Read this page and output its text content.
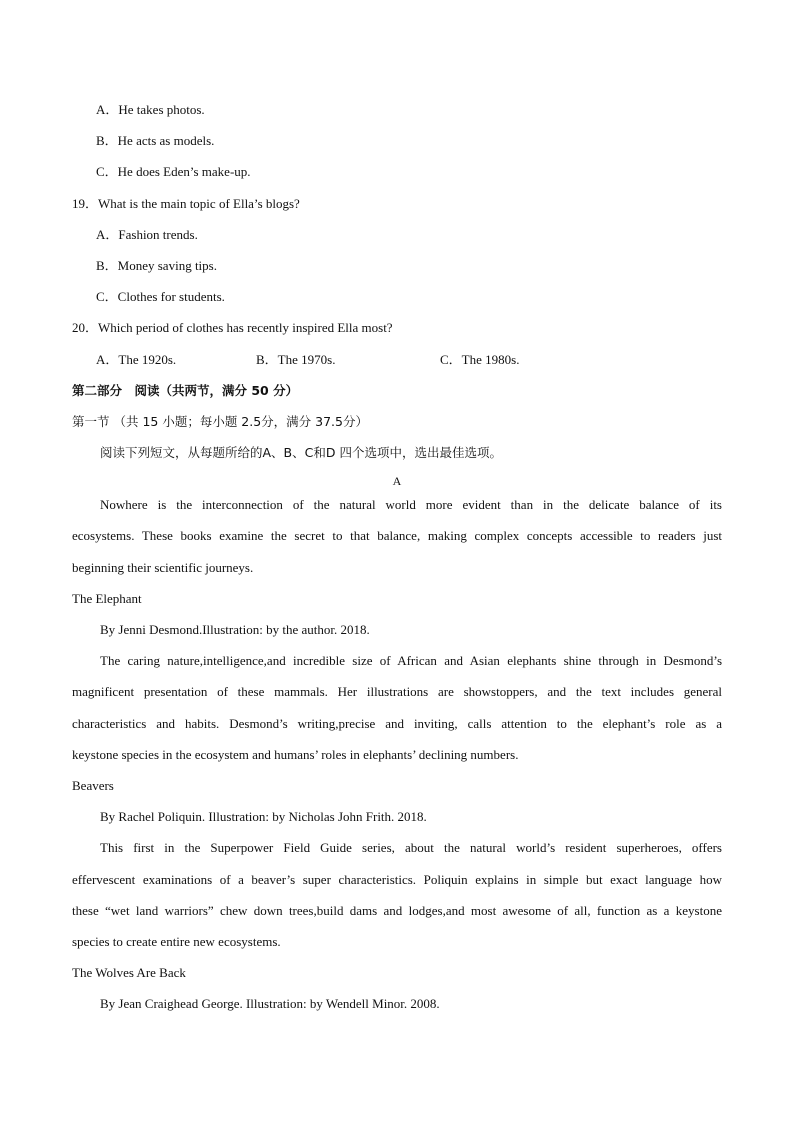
A．He takes photos.
B．He acts as models.
C．He does Eden’s make-up.
19．What is the main topic of Ella’s blogs?
A．Fashion trends.
B．Money saving tips.
C．Clothes for students.
20．Which period of clothes has recently inspired Ella most?
A．The 1920s.	B．The 1970s.	C．The 1980s.
第二部分　阅读（共两节，满分 50 分）
第一节 （共 15 小题；每小题 2.5分，满分 37.5分）
阅读下列短文，从每题所给的A、B、C和D 四个选项中，选出最佳选项。
A
Nowhere is the interconnection of the natural world more evident than in the delicate balance of its
ecosystems. These books examine the secret to that balance, making complex concepts accessible to readers just
beginning their scientific journeys.
The Elephant
By Jenni Desmond.Illustration: by the author. 2018.
The caring nature,intelligence,and incredible size of African and Asian elephants shine through in Desmond’s
magnificent presentation of these mammals. Her illustrations are showstoppers, and the text includes general
characteristics and habits. Desmond’s writing,precise and inviting, calls attention to the elephant’s role as a
keystone species in the ecosystem and humans’ roles in elephants’ declining numbers.
Beavers
By Rachel Poliquin. Illustration: by Nicholas John Frith. 2018.
This first in the Superpower Field Guide series, about the natural world’s resident superheroes, offers
effervescent examinations of a beaver’s super characteristics. Poliquin explains in simple but exact language how
these “wet land warriors” chew down trees,build dams and lodges,and most awesome of all, function as a keystone
species to create entire new ecosystems.
The Wolves Are Back
By Jean Craighead George. Illustration: by Wendell Minor. 2008.
